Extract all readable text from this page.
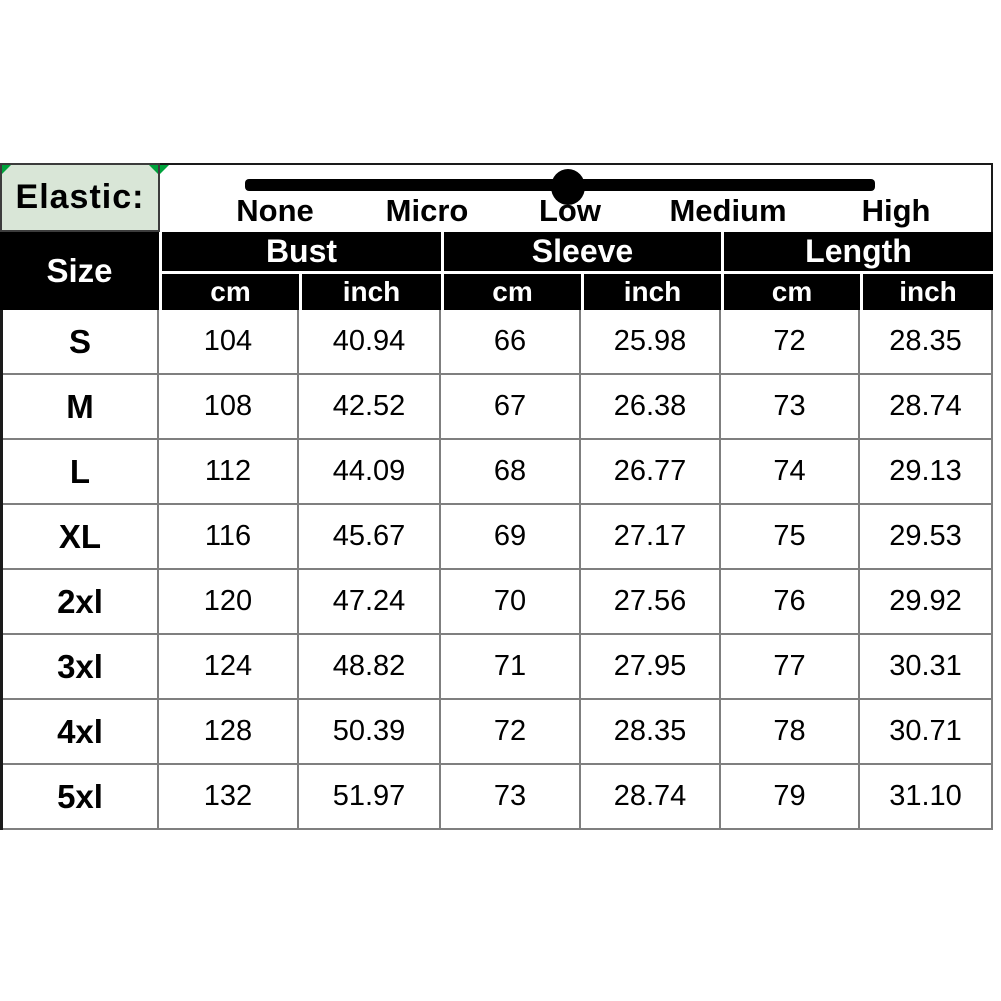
Elastic:	None Micro Low Medium High
Size
Bust	Sleeve	Length
cm	inch	cm	inch	cm	inch
S	104	40.94	66	25.98	72	28.35
M	108	42.52	67	26.38	73	28.74
L	112	44.09	68	26.77	74	29.13
XL	116	45.67	69	27.17	75	29.53
2xl	120	47.24	70	27.56	76	29.92
3xl	124	48.82	71	27.95	77	30.31
4xl	128	50.39	72	28.35	78	30.71
5xl	132	51.97	73	28.74	79	31.10
